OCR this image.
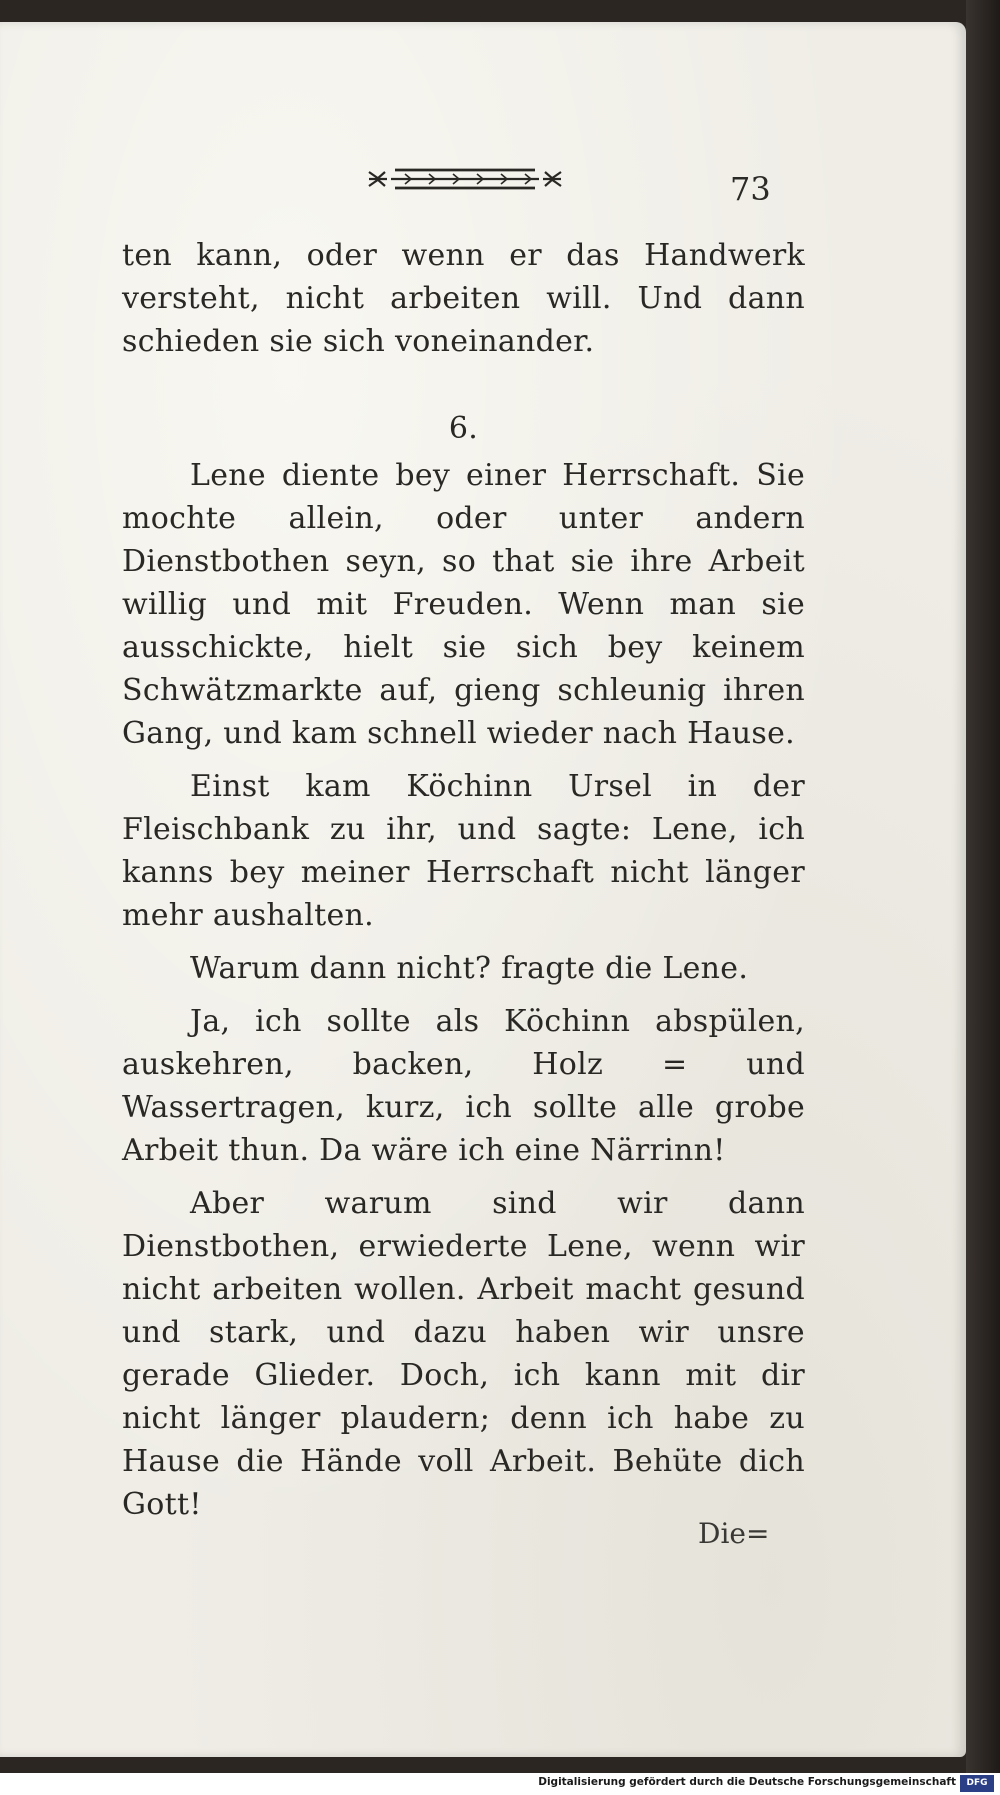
73

ten kann, oder wenn er das Handwerk versteht, nicht arbeiten will. Und dann schieden sie sich voneinander.

6.

Lene diente bey einer Herrschaft. Sie mochte allein, oder unter andern Dienstbothen seyn, so that sie ihre Arbeit willig und mit Freuden. Wenn man sie ausschickte, hielt sie sich bey keinem Schwätzmarkte auf, gieng schleunig ihren Gang, und kam schnell wieder nach Hause.

Einst kam Köchinn Ursel in der Fleischbank zu ihr, und sagte: Lene, ich kanns bey meiner Herrschaft nicht länger mehr aushalten.

Warum dann nicht? fragte die Lene.

Ja, ich sollte als Köchinn abspülen, auskehren, backen, Holz = und Wassertragen, kurz, ich sollte alle grobe Arbeit thun. Da wäre ich eine Närrinn!

Aber warum sind wir dann Dienstbothen, erwiederte Lene, wenn wir nicht arbeiten wollen. Arbeit macht gesund und stark, und dazu haben wir unsre gerade Glieder. Doch, ich kann mit dir nicht länger plaudern; denn ich habe zu Hause die Hände voll Arbeit. Behüte dich Gott!

Die=
Digitalisierung gefördert durch die Deutsche Forschungsgemeinschaft	DFG
